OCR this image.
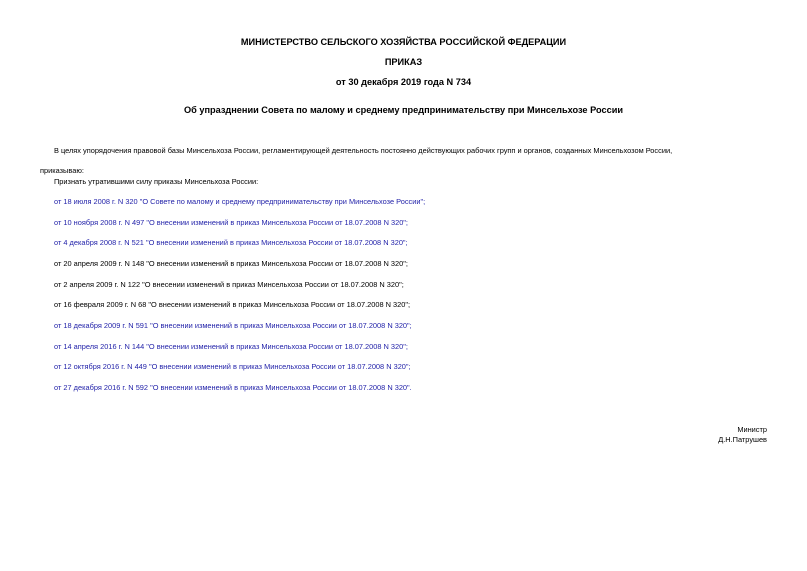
МИНИСТЕРСТВО СЕЛЬСКОГО ХОЗЯЙСТВА РОССИЙСКОЙ ФЕДЕРАЦИИ
ПРИКАЗ
от 30 декабря 2019 года N 734
Об упразднении Совета по малому и среднему предпринимательству при Минсельхозе России
В целях упорядочения правовой базы Минсельхоза России, регламентирующей деятельность постоянно действующих рабочих групп и органов, созданных Минсельхозом России,
приказываю:
Признать утратившими силу приказы Минсельхоза России:
от 18 июля 2008 г. N 320 "О Совете по малому и среднему предпринимательству при Минсельхозе России";
от 10 ноября 2008 г. N 497 "О внесении изменений в приказ Минсельхоза России от 18.07.2008 N 320";
от 4 декабря 2008 г. N 521 "О внесении изменений в приказ Минсельхоза России от 18.07.2008 N 320";
от 20 апреля 2009 г. N 148 "О внесении изменений в приказ Минсельхоза России от 18.07.2008 N 320";
от 2 апреля 2009 г. N 122 "О внесении изменений в приказ Минсельхоза России от 18.07.2008 N 320";
от 16 февраля 2009 г. N 68 "О внесении изменений в приказ Минсельхоза России от 18.07.2008 N 320";
от 18 декабря 2009 г. N 591 "О внесении изменений в приказ Минсельхоза России от 18.07.2008 N 320";
от 14 апреля 2016 г. N 144 "О внесении изменений в приказ Минсельхоза России от 18.07.2008 N 320";
от 12 октября 2016 г. N 449 "О внесении изменений в приказ Минсельхоза России от 18.07.2008 N 320";
от 27 декабря 2016 г. N 592 "О внесении изменений в приказ Минсельхоза России от 18.07.2008 N 320".
Министр
Д.Н.Патрушев
